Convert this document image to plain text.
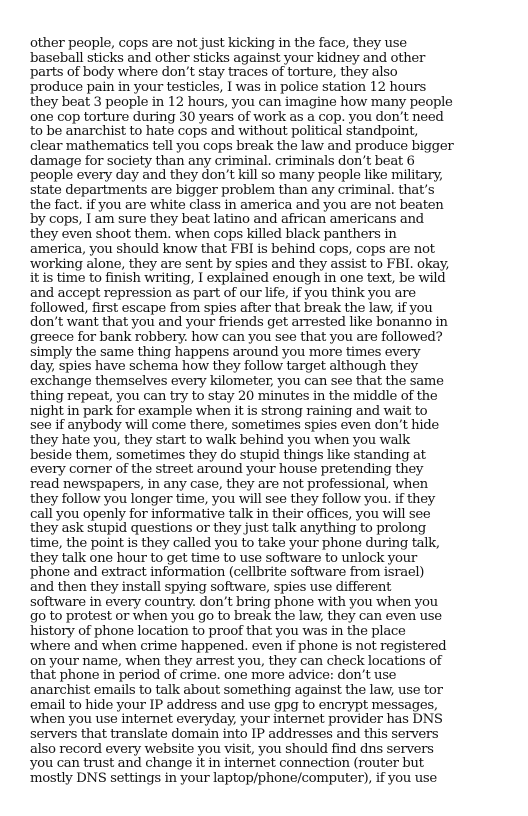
other people, cops are not just kicking in the face, they use
baseball sticks and other sticks against your kidney and other
parts of body where don’t stay traces of torture, they also
produce pain in your testicles, I was in police station 12 hours
they beat 3 people in 12 hours, you can imagine how many people
one cop torture during 30 years of work as a cop. you don’t need
to be anarchist to hate cops and without political standpoint,
clear mathematics tell you cops break the law and produce bigger
damage for society than any criminal. criminals don’t beat 6
people every day and they don’t kill so many people like military,
state departments are bigger problem than any criminal. that’s
the fact. if you are white class in america and you are not beaten
by cops, I am sure they beat latino and african americans and
they even shoot them. when cops killed black panthers in
america, you should know that FBI is behind cops, cops are not
working alone, they are sent by spies and they assist to FBI. okay,
it is time to finish writing, I explained enough in one text, be wild
and accept repression as part of our life, if you think you are
followed, first escape from spies after that break the law, if you
don’t want that you and your friends get arrested like bonanno in
greece for bank robbery. how can you see that you are followed?
simply the same thing happens around you more times every
day, spies have schema how they follow target although they
exchange themselves every kilometer, you can see that the same
thing repeat, you can try to stay 20 minutes in the middle of the
night in park for example when it is strong raining and wait to
see if anybody will come there, sometimes spies even don’t hide
they hate you, they start to walk behind you when you walk
beside them, sometimes they do stupid things like standing at
every corner of the street around your house pretending they
read newspapers, in any case, they are not professional, when
they follow you longer time, you will see they follow you. if they
call you openly for informative talk in their offices, you will see
they ask stupid questions or they just talk anything to prolong
time, the point is they called you to take your phone during talk,
they talk one hour to get time to use software to unlock your
phone and extract information (cellbrite software from israel)
and then they install spying software, spies use different
software in every country. don’t bring phone with you when you
go to protest or when you go to break the law, they can even use
history of phone location to proof that you was in the place
where and when crime happened. even if phone is not registered
on your name, when they arrest you, they can check locations of
that phone in period of crime. one more advice: don’t use
anarchist emails to talk about something against the law, use tor
email to hide your IP address and use gpg to encrypt messages,
when you use internet everyday, your internet provider has DNS
servers that translate domain into IP addresses and this servers
also record every website you visit, you should find dns servers
you can trust and change it in internet connection (router but
mostly DNS settings in your laptop/phone/computer), if you use
